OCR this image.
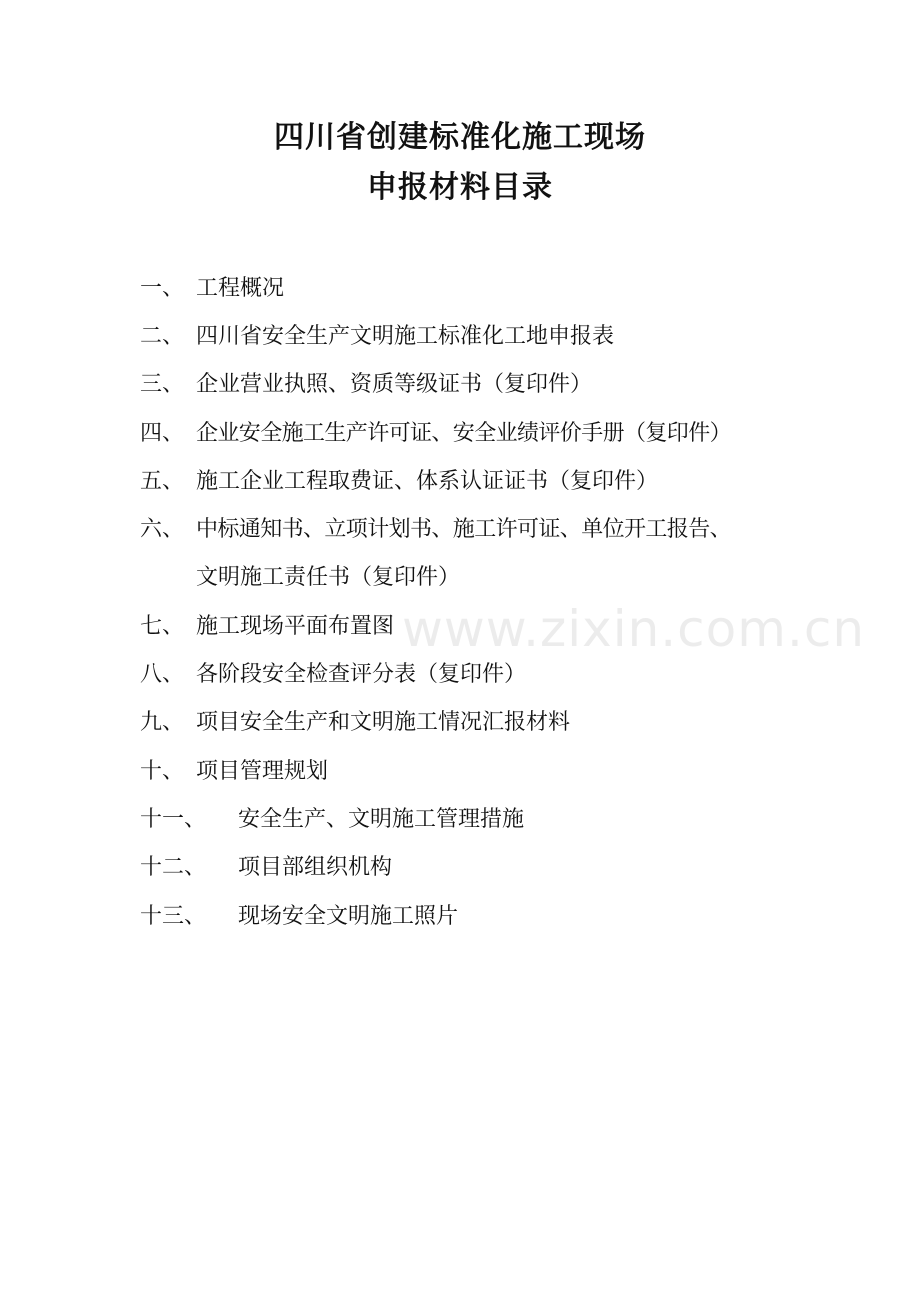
四川省创建标准化施工现场
申报材料目录
一、 工程概况
二、 四川省安全生产文明施工标准化工地申报表
三、 企业营业执照、资质等级证书（复印件）
四、 企业安全施工生产许可证、安全业绩评价手册（复印件）
五、 施工企业工程取费证、体系认证证书（复印件）
六、 中标通知书、立项计划书、施工许可证、单位开工报告、
文明施工责任书（复印件）
七、 施工现场平面布置图
八、 各阶段安全检查评分表（复印件）
九、 项目安全生产和文明施工情况汇报材料
十、 项目管理规划
十一、	安全生产、文明施工管理措施
十二、	项目部组织机构
十三、	现场安全文明施工照片
www.zixin.com.cn
